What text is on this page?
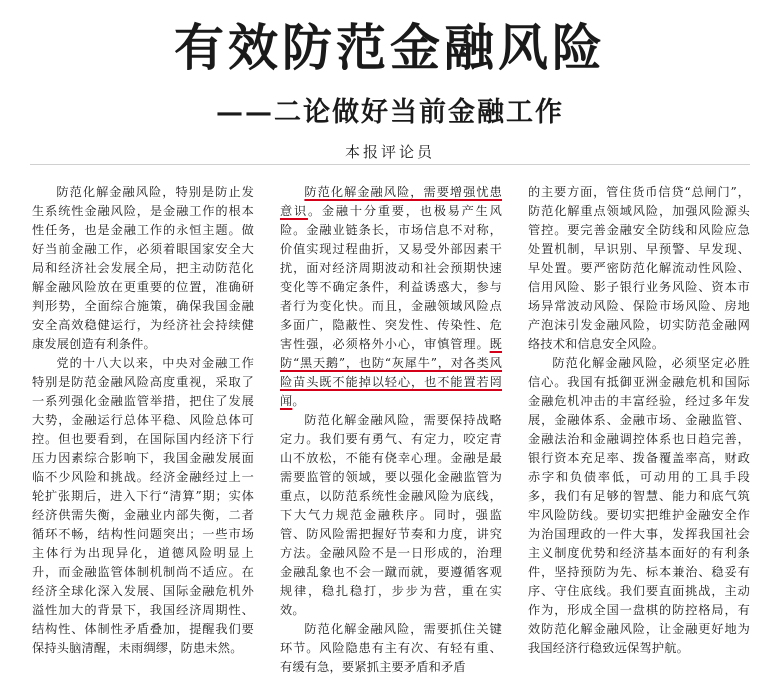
有效防范金融风险
——二论做好当前金融工作
本报评论员

防范化解金融风险，特别是防止发生系统性金融风险，是金融工作的根本性任务，也是金融工作的永恒主题。做好当前金融工作，必须着眼国家安全大局和经济社会发展全局，把主动防范化解金融风险放在更重要的位置，准确研判形势，全面综合施策，确保我国金融安全高效稳健运行，为经济社会持续健康发展创造有利条件。

党的十八大以来，中央对金融工作特别是防范金融风险高度重视，采取了一系列强化金融监管举措，把住了发展大势，金融运行总体平稳、风险总体可控。但也要看到，在国际国内经济下行压力因素综合影响下，我国金融发展面临不少风险和挑战。经济金融经过上一轮扩张期后，进入下行“清算”期；实体经济供需失衡，金融业内部失衡，二者循环不畅，结构性问题突出；一些市场主体行为出现异化，道德风险明显上升，而金融监管体制机制尚不适应。在经济全球化深入发展、国际金融危机外溢性加大的背景下，我国经济周期性、结构性、体制性矛盾叠加，提醒我们要保持头脑清醒，未雨绸缪，防患未然。

防范化解金融风险，需要增强忧患意识。金融十分重要，也极易产生风险。金融业链条长，市场信息不对称，价值实现过程曲折，又易受外部因素干扰，面对经济周期波动和社会预期快速变化等不确定条件，利益诱惑大，参与者行为变化快。而且，金融领域风险点多面广，隐蔽性、突发性、传染性、危害性强，必须格外小心，审慎管理。既防“黑天鹅”，也防“灰犀牛”，对各类风险苗头既不能掉以轻心，也不能置若罔闻。

防范化解金融风险，需要保持战略定力。我们要有勇气、有定力，咬定青山不放松，不能有侥幸心理。金融是最需要监管的领域，要以强化金融监管为重点，以防范系统性金融风险为底线，下大气力规范金融秩序。同时，强监管、防风险需把握好节奏和力度，讲究方法。金融风险不是一日形成的，治理金融乱象也不会一蹴而就，要遵循客观规律，稳扎稳打，步步为营，重在实效。

防范化解金融风险，需要抓住关键环节。风险隐患有主有次、有轻有重、有缓有急，要紧抓主要矛盾和矛盾

的主要方面，管住货币信贷“总闸门”，防范化解重点领域风险，加强风险源头管控。要完善金融安全防线和风险应急处置机制，早识别、早预警、早发现、早处置。要严密防范化解流动性风险、信用风险、影子银行业务风险、资本市场异常波动风险、保险市场风险、房地产泡沫引发金融风险，切实防范金融网络技术和信息安全风险。

防范化解金融风险，必须坚定必胜信心。我国有抵御亚洲金融危机和国际金融危机冲击的丰富经验，经过多年发展，金融体系、金融市场、金融监管、金融法治和金融调控体系也日趋完善，银行资本充足率、拨备覆盖率高，财政赤字和负债率低，可动用的工具手段多，我们有足够的智慧、能力和底气筑牢风险防线。要切实把维护金融安全作为治国理政的一件大事，发挥我国社会主义制度优势和经济基本面好的有利条件，坚持预防为先、标本兼治、稳妥有序、守住底线。我们要直面挑战，主动作为，形成全国一盘棋的防控格局，有效防范化解金融风险，让金融更好地为我国经济行稳致远保驾护航。
